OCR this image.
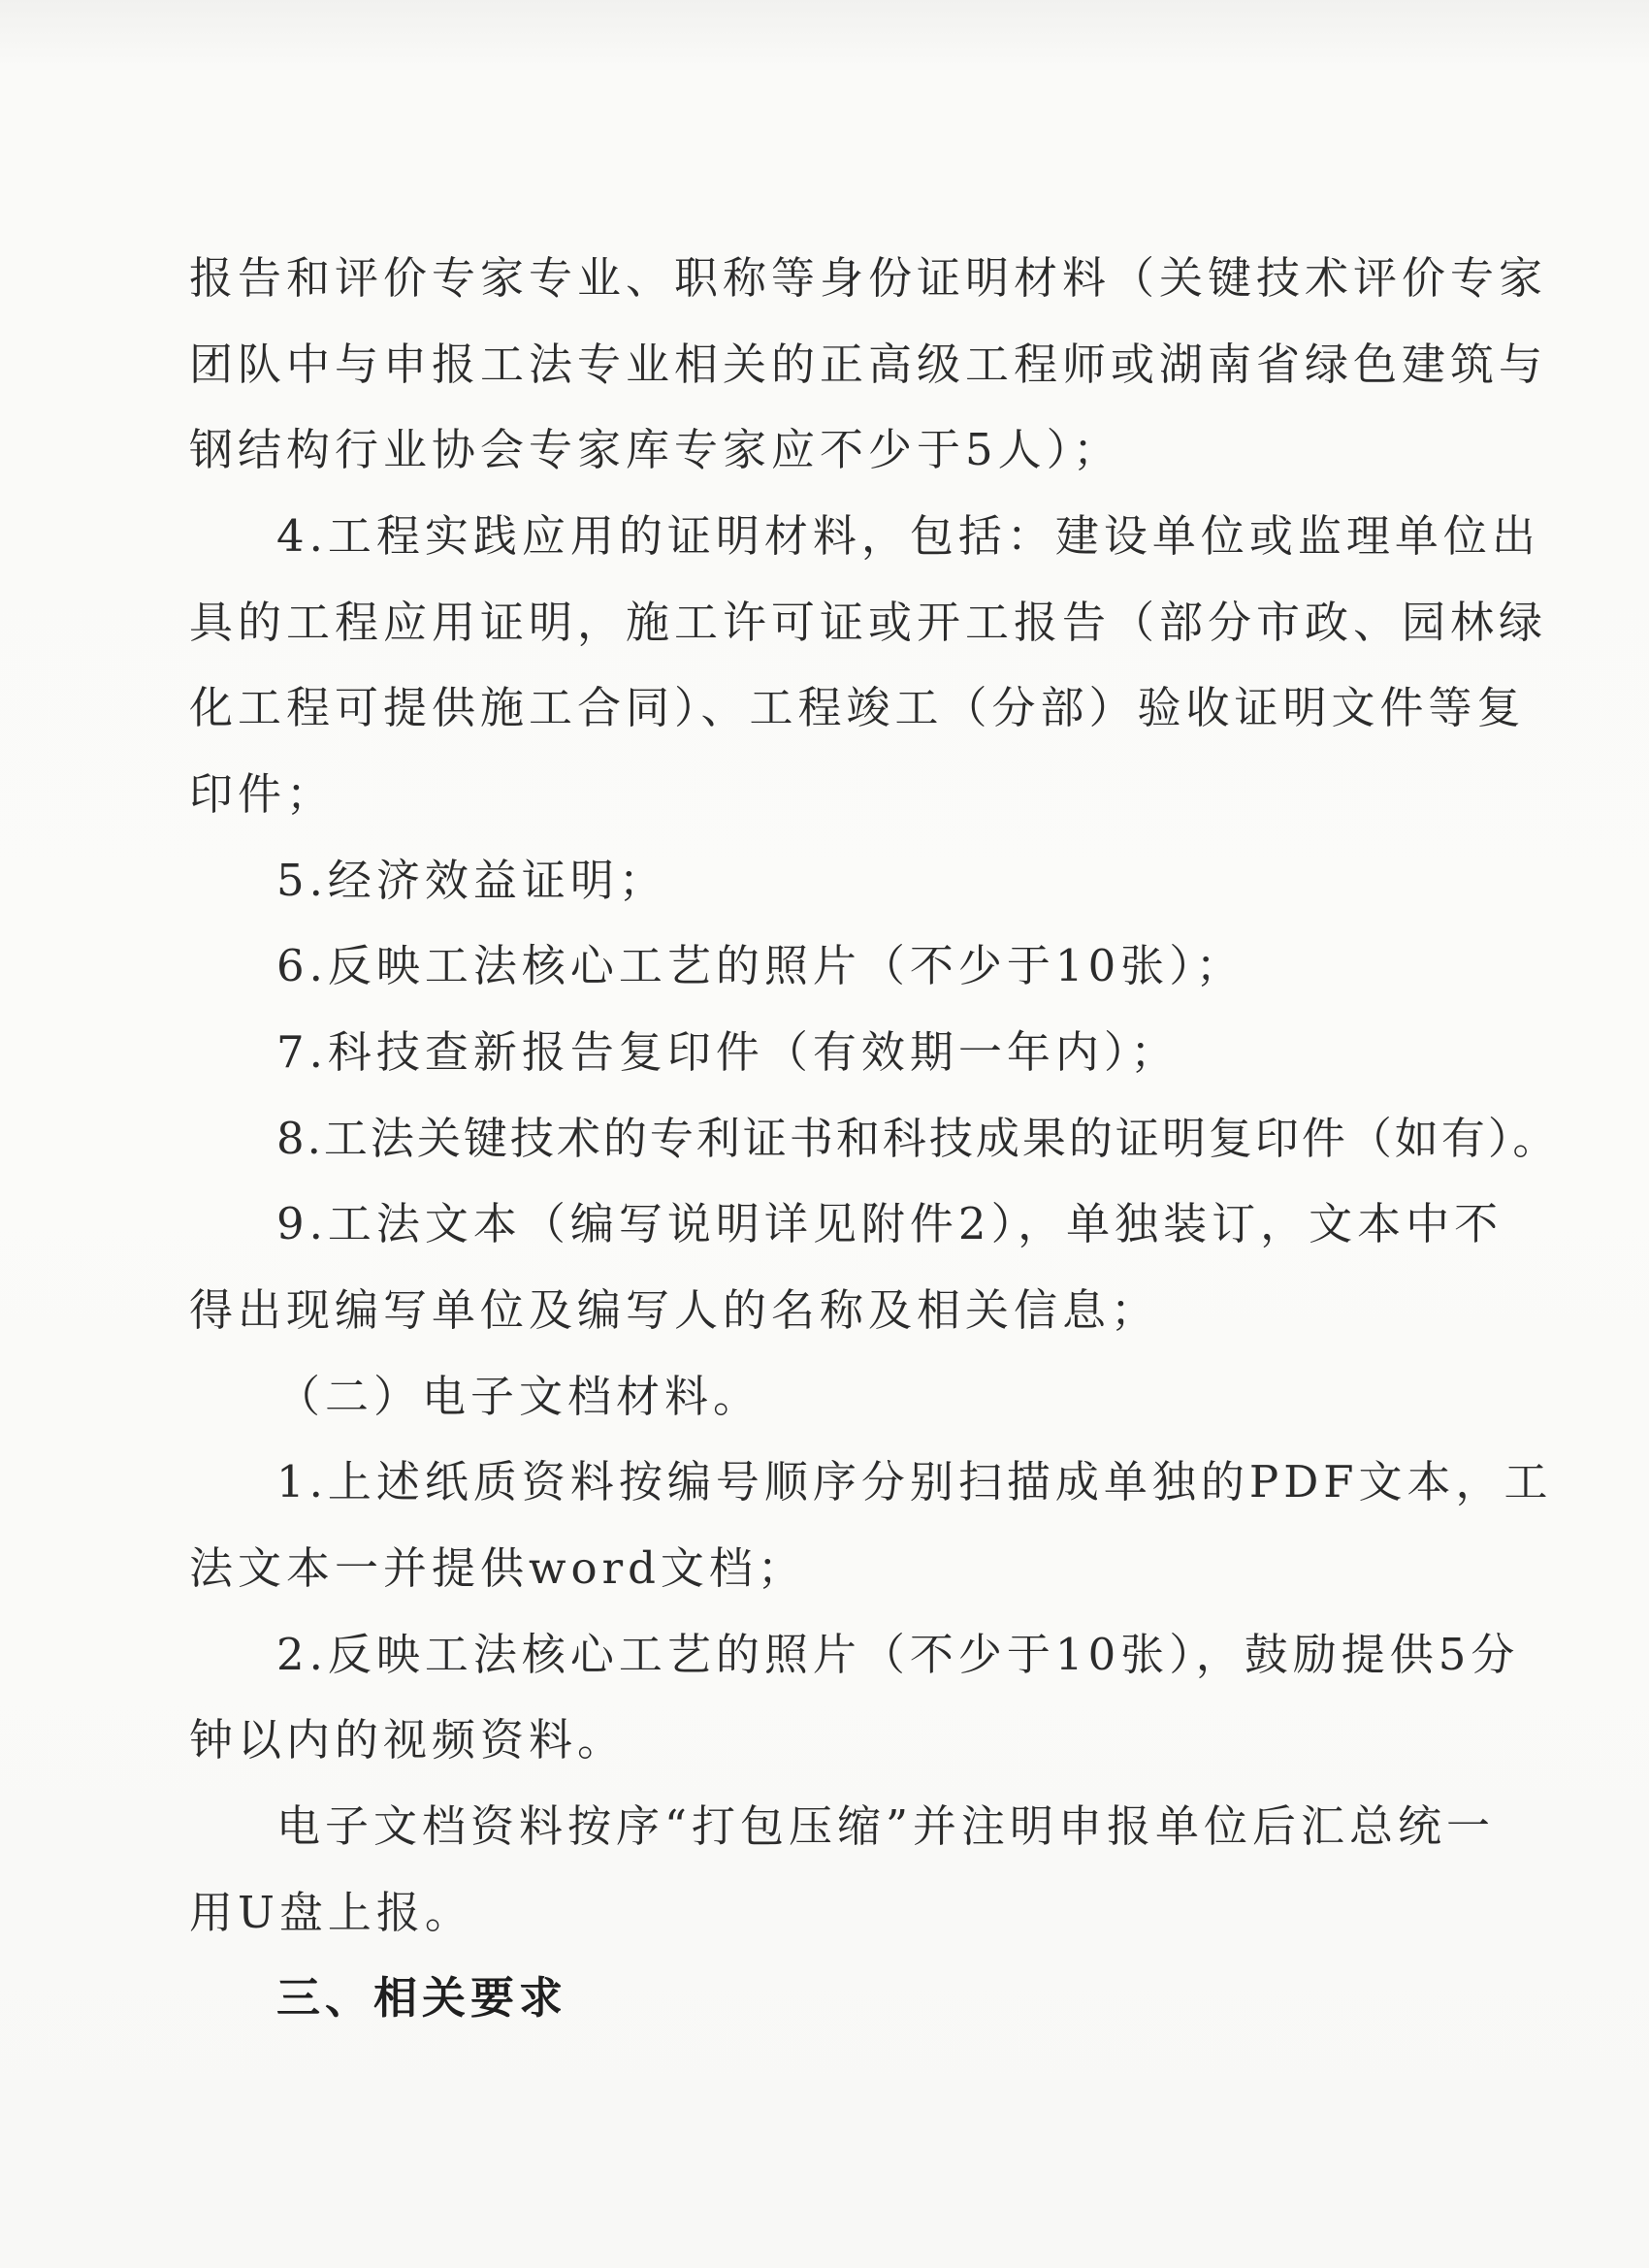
报告和评价专家专业、职称等身份证明材料（关键技术评价专家
团队中与申报工法专业相关的正高级工程师或湖南省绿色建筑与
钢结构行业协会专家库专家应不少于5人）；
4.工程实践应用的证明材料，包括：建设单位或监理单位出
具的工程应用证明，施工许可证或开工报告（部分市政、园林绿
化工程可提供施工合同）、工程竣工（分部）验收证明文件等复
印件；
5.经济效益证明；
6.反映工法核心工艺的照片（不少于10张）；
7.科技查新报告复印件（有效期一年内）；
8.工法关键技术的专利证书和科技成果的证明复印件（如有）。
9.工法文本（编写说明详见附件2），单独装订，文本中不
得出现编写单位及编写人的名称及相关信息；
（二）电子文档材料。
1.上述纸质资料按编号顺序分别扫描成单独的PDF文本，工
法文本一并提供word文档；
2.反映工法核心工艺的照片（不少于10张），鼓励提供5分
钟以内的视频资料。
电子文档资料按序“打包压缩”并注明申报单位后汇总统一
用U盘上报。
三、相关要求
